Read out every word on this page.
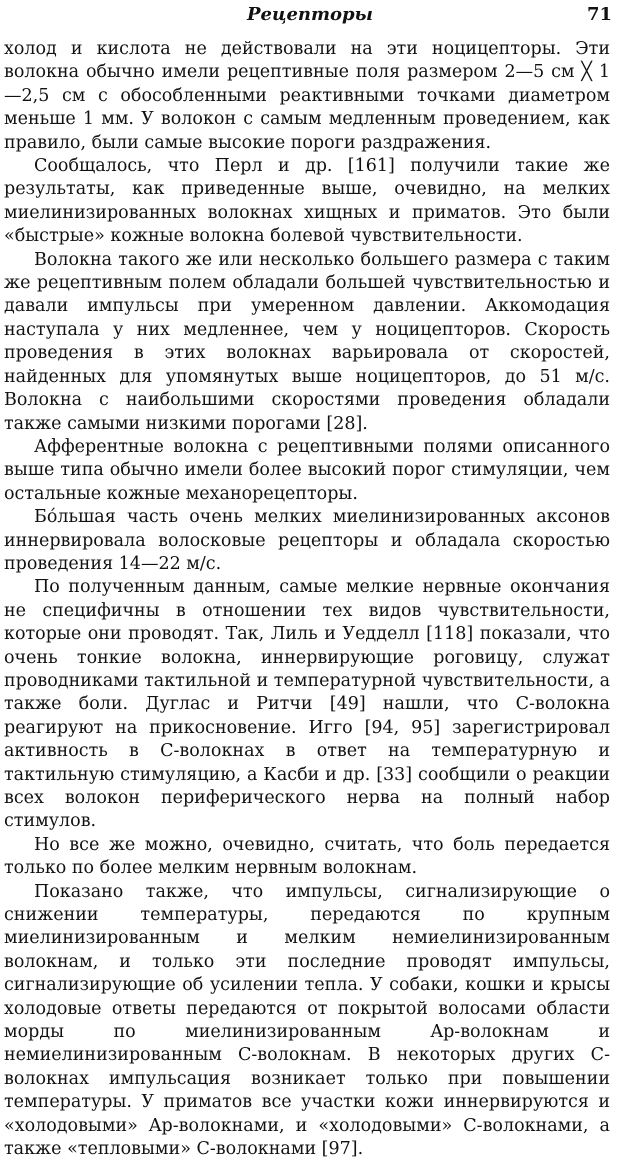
Рецепторы	71

холод и кислота не действовали на эти ноцицепторы. Эти волокна обычно имели рецептивные поля размером 2—5 см ╳ 1—2,5 см с обособленными реактивными точками диаметром меньше 1 мм. У волокон с самым медленным проведением, как правило, были самые высокие пороги раздражения.

Сообщалось, что Перл и др. [161] получили такие же результаты, как приведенные выше, очевидно, на мелких миелинизированных волокнах хищных и приматов. Это были «быстрые» кожные волокна болевой чувствительности.

Волокна такого же или несколько большего размера с таким же рецептивным полем обладали большей чувствительностью и давали импульсы при умеренном давлении. Аккомодация наступала у них медленнее, чем у ноцицепторов. Скорость проведения в этих волокнах варьировала от скоростей, найденных для упомянутых выше ноцицепторов, до 51 м/с. Волокна с наибольшими скоростями проведения обладали также самыми низкими порогами [28].

Афферентные волокна с рецептивными полями описанного выше типа обычно имели более высокий порог стимуляции, чем остальные кожные механорецепторы.

Бо́льшая часть очень мелких миелинизированных аксонов иннервировала волосковые рецепторы и обладала скоростью проведения 14—22 м/с.

По полученным данным, самые мелкие нервные окончания не специфичны в отношении тех видов чувствительности, которые они проводят. Так, Лиль и Уедделл [118] показали, что очень тонкие волокна, иннервирующие роговицу, служат проводниками тактильной и температурной чувствительности, а также боли. Дуглас и Ритчи [49] нашли, что С-волокна реагируют на прикосновение. Игго [94, 95] зарегистрировал активность в С-волокнах в ответ на температурную и тактильную стимуляцию, а Касби и др. [33] сообщили о реакции всех волокон периферического нерва на полный набор стимулов.

Но все же можно, очевидно, считать, что боль передается только по более мелким нервным волокнам.

Показано также, что импульсы, сигнализирующие о снижении температуры, передаются по крупным миелинизированным и мелким немиелинизированным волокнам, и только эти последние проводят импульсы, сигнализирующие об усилении тепла. У собаки, кошки и крысы холодовые ответы передаются от покрытой волосами области морды по миелинизированным Aр-волокнам и немиелинизированным С-волокнам. В некоторых других С-волокнах импульсация возникает только при повышении температуры. У приматов все участки кожи иннервируются и «холодовыми» Aр-волокнами, и «холодовыми» С-волокнами, а также «тепловыми» С-волокнами [97].
